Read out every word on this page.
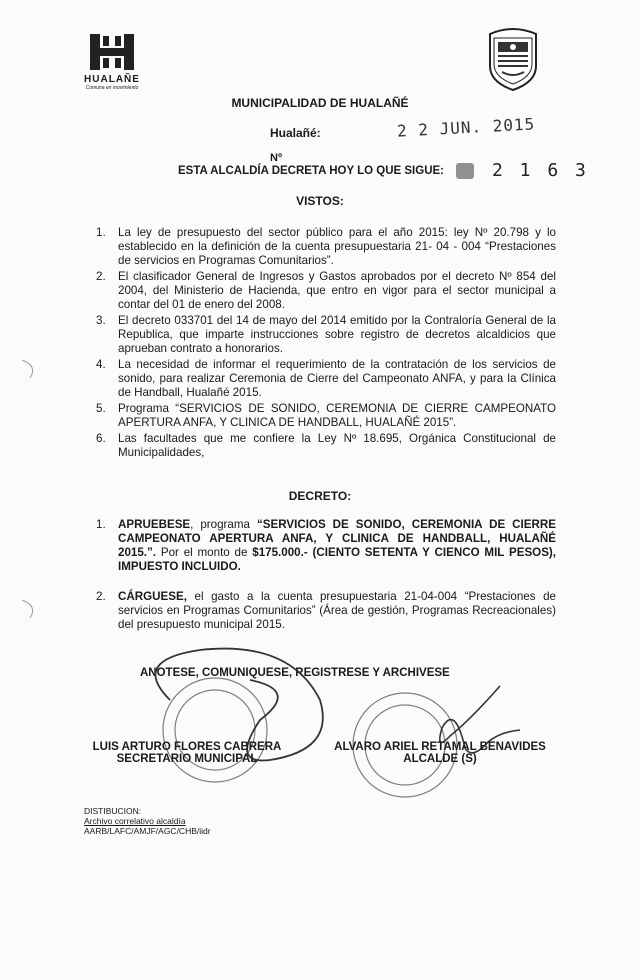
HUALAÑE
Comuna en movimiento
MUNICIPALIDAD DE HUALAÑÉ
Hualañé:	2 2 JUN. 2015
Nº
ESTA ALCALDÍA DECRETA HOY LO QUE SIGUE:	2 1 6 3
VISTOS:
1. La ley de presupuesto del sector público para el año 2015: ley Nº 20.798 y lo establecido en la definición de la cuenta presupuestaria 21- 04 - 004 “Prestaciones de servicios en Programas Comunitarios”.
2. El clasificador General de Ingresos y Gastos aprobados por el decreto Nº 854 del 2004, del Ministerio de Hacienda, que entro en vigor para el sector municipal a contar del 01 de enero del 2008.
3. El decreto 033701 del 14 de mayo del 2014 emitido por la Contraloría General de la Republica, que imparte instrucciones sobre registro de decretos alcaldicios que aprueban contrato a honorarios.
4. La necesidad de informar el requerimiento de la contratación de los servicios de sonido, para realizar Ceremonia de Cierre del Campeonato ANFA, y para la Clínica de Handball, Hualañé 2015.
5. Programa “SERVICIOS DE SONIDO, CEREMONIA DE CIERRE CAMPEONATO APERTURA ANFA, Y CLINICA DE HANDBALL, HUALAÑÉ 2015”.
6. Las facultades que me confiere la Ley Nº 18.695, Orgánica Constitucional de Municipalidades,
DECRETO:
1. APRUEBESE, programa “SERVICIOS DE SONIDO, CEREMONIA DE CIERRE CAMPEONATO APERTURA ANFA, Y CLINICA DE HANDBALL, HUALAÑÉ 2015.”. Por el monto de $175.000.- (CIENTO SETENTA Y CIENCO MIL PESOS), IMPUESTO INCLUIDO.
2. CÁRGUESE, el gasto a la cuenta presupuestaria 21-04-004 “Prestaciones de servicios en Programas Comunitarios” (Área de gestión, Programas Recreacionales) del presupuesto municipal 2015.
ANOTESE, COMUNIQUESE, REGISTRESE Y ARCHIVESE
LUIS ARTURO FLORES CABRERA
SECRETARIO MUNICIPAL
ALVARO ARIEL RETAMAL BENAVIDES
ALCALDE (S)
DISTIBUCION:
Archivo correlativo alcaldía
AARB/LAFC/AMJF/AGC/CHB/iidr
